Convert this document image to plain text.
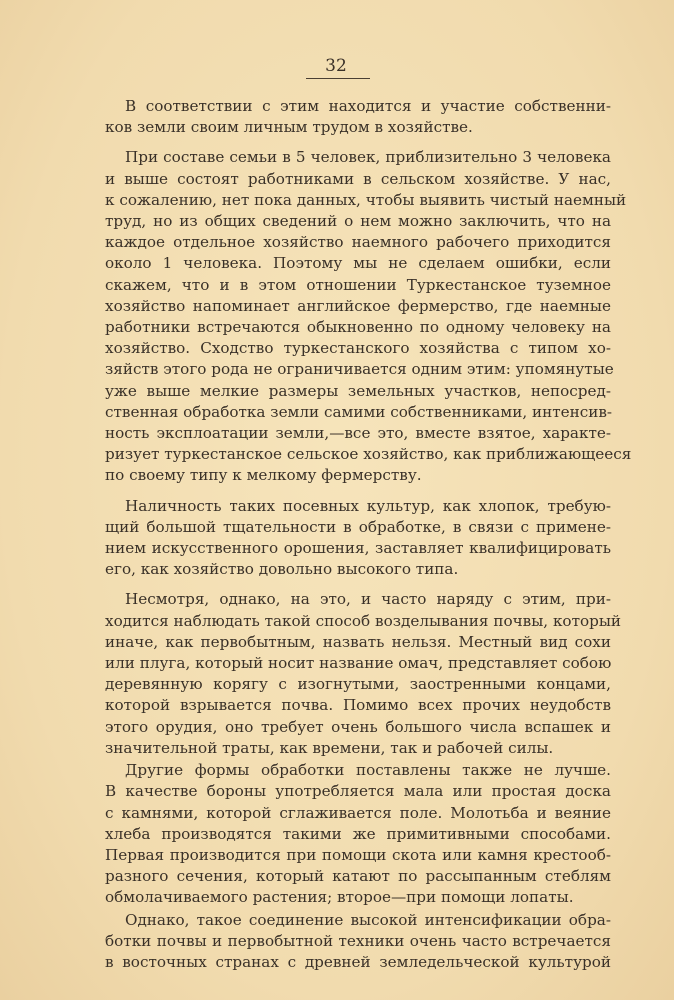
32
В соответствии с этим находится и участие собственни-
ков земли своим личным трудом в хозяйстве.
При составе семьи в 5 человек, приблизительно 3 человека
и выше состоят работниками в сельском хозяйстве. У нас,
к сожалению, нет пока данных, чтобы выявить чистый наемный
труд, но из общих сведений о нем можно заключить, что на
каждое отдельное хозяйство наемного рабочего приходится
около 1 человека. Поэтому мы не сделаем ошибки, если
скажем, что и в этом отношении Туркестанское туземное
хозяйство напоминает английское фермерство, где наемные
работники встречаются обыкновенно по одному человеку на
хозяйство. Сходство туркестанского хозяйства с типом хо-
зяйств этого рода не ограничивается одним этим: упомянутые
уже выше мелкие размеры земельных участков, непосред-
ственная обработка земли самими собственниками, интенсив-
ность эксплоатации земли,—все это, вместе взятое, характе-
ризует туркестанское сельское хозяйство, как приближающееся
по своему типу к мелкому фермерству.
Наличность таких посевных культур, как хлопок, требую-
щий большой тщательности в обработке, в связи с примене-
нием искусственного орошения, заставляет квалифицировать
его, как хозяйство довольно высокого типа.
Несмотря, однако, на это, и часто наряду с этим, при-
ходится наблюдать такой способ возделывания почвы, который
иначе, как первобытным, назвать нельзя. Местный вид сохи
или плуга, который носит название омач, представляет собою
деревянную корягу с изогнутыми, заостренными концами,
которой взрывается почва. Помимо всех прочих неудобств
этого орудия, оно требует очень большого числа вспашек и
значительной траты, как времени, так и рабочей силы.
Другие формы обработки поставлены также не лучше.
В качестве бороны употребляется мала или простая доска
с камнями, которой сглаживается поле. Молотьба и веяние
хлеба производятся такими же примитивными способами.
Первая производится при помощи скота или камня крестооб-
разного сечения, который катают по рассыпанным стеблям
обмолачиваемого растения; второе—при помощи лопаты.
Однако, такое соединение высокой интенсификации обра-
ботки почвы и первобытной техники очень часто встречается
в восточных странах с древней земледельческой культурой
